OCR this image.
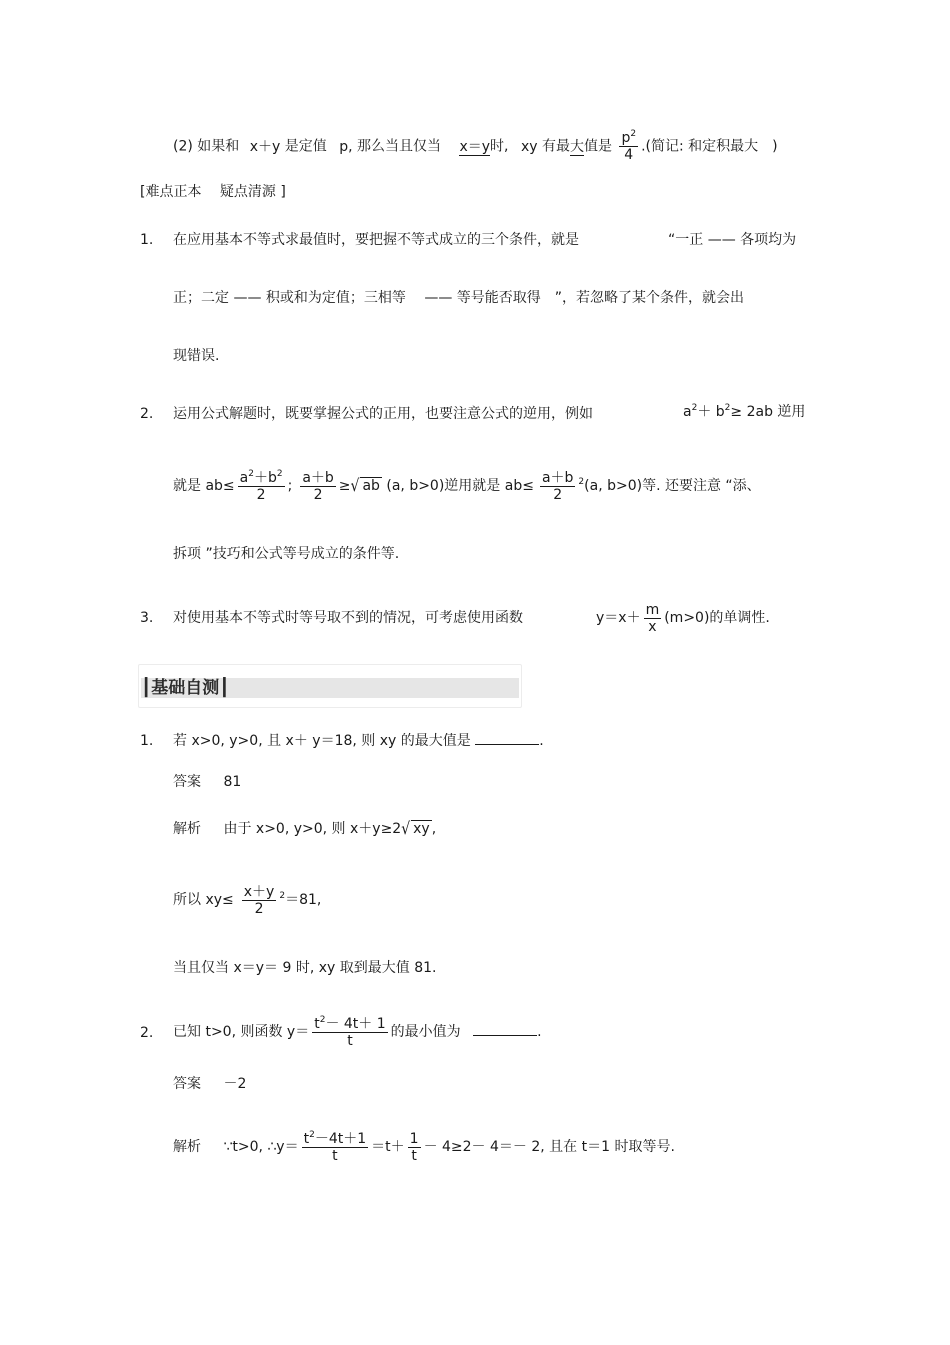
(2) 如果和 x＋y 是定值 p, 那么当且仅当 x＝y时, xy 有最大值是 $\frac{p^2}{4}$ .(简记: 和定积最大　)
[难点正本　 疑点清源 ]
1. 在应用基本不等式求最值时，要把握不等式成立的三个条件，就是	“一正 —— 各项均为
正；二定 —— 积或和为定值；三相等　 —— 等号能否取得　”，若忽略了某个条件，就会出
现错误.
2. 运用公式解题时，既要掌握公式的正用，也要注意公式的逆用，例如	$a^2+ b^2\ge 2ab$ 逆用
就是 $ab\le \frac{a^2+b^2}{2}$ ; $\frac{a+b}{2}$ ≥√ ab (a, b>0)逆用就是 $ab\le \frac{a+b}{2} ^2(a$, b>0)等. 还要注意 “添、
拆项 ”技巧和公式等号成立的条件等.
3. 对使用基本不等式时等号取不到的情况，可考虑使用函数	$y=x+ \frac{m}{x} (m>0)$的单调性.
┃基础自测┃
1. 若 x>0, y>0, 且 x＋ y＝18, 则 xy 的最大值是	.
答案 81
解析 由于 x>0, y>0, 则 x＋y≥2√ xy ,
所以 $xy\le \frac{x+y}{2} ^2=81$,
当且仅当 x＝y＝ 9 时, xy 取到最大值 81.
2. 已知 t>0, 则函数 $y= \frac{t^2- 4t+ 1}{t}$ 的最小值为	.
答案 －2
解析 ∵t>0, ∴y＝ $\frac{t^2-4t+1}{t} =t+ \frac{1}{t} - 4\ge 2- 4=- 2$, 且在 t＝1 时取等号.
